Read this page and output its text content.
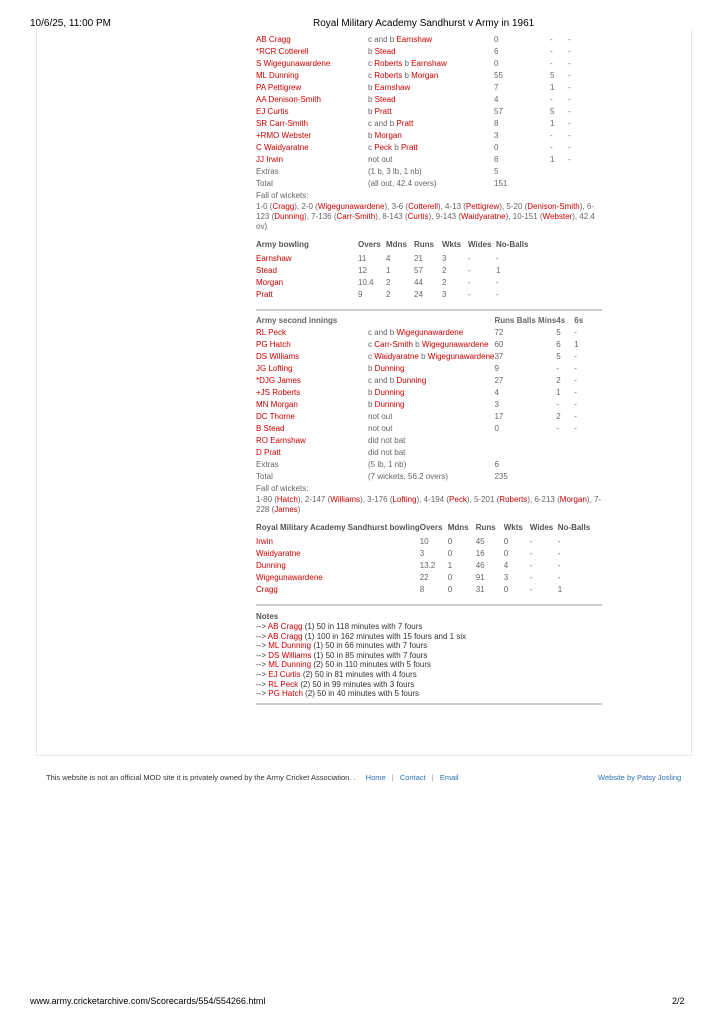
10/6/25, 11:00 PM	Royal Military Academy Sandhurst v Army in 1961
AB Cragg	c and b Earnshaw	0		-	-
*RCR Cotterell	b Stead	6		-	-
S Wigegunawardene	c Roberts b Earnshaw	0		-	-
ML Dunning	c Roberts b Morgan	55		5	-
PA Pettigrew	b Earnshaw	7		1	-
AA Denison-Smith	b Stead	4		-	-
EJ Curtis	b Pratt	57		5	-
SR Carr-Smith	c and b Pratt	8		1	-
+RMO Webster	b Morgan	3		-	-
C Waidyaratne	c Peck b Pratt	0		-	-
JJ Irwin	not out	6		1	-
Extras	(1 b, 3 lb, 1 nb)	5			
Total	(all out, 42.4 overs)	151			
Fall of wickets:
1-0 (Cragg), 2-0 (Wigegunawardene), 3-6 (Cotterell), 4-13 (Pettigrew), 5-20 (Denison-Smith), 6-123 (Dunning), 7-136 (Carr-Smith), 8-143 (Curtis), 9-143 (Waidyaratne), 10-151 (Webster), 42.4 ov)
Army bowling	Overs	Mdns	Runs	Wkts	Wides	No-Balls
Earnshaw	11	4	21	3	-	-
Stead	12	1	57	2	-	1
Morgan	10.4	2	44	2	-	-
Pratt	9	2	24	3	-	-
Army second innings		Runs Balls Mins		4s	6s
RL Peck	c and b Wigegunawardene	72		5	-
PG Hatch	c Carr-Smith b Wigegunawardene	60		6	1
DS Williams	c Waidyaratne b Wigegunawardene	37		5	-
JG Lofting	b Dunning	9		-	-
*DJG James	c and b Dunning	27		2	-
+JS Roberts	b Dunning	4		1	-
MN Morgan	b Dunning	3		-	-
DC Thorne	not out	17		2	-
B Stead	not out	0		-	-
RO Earnshaw	did not bat				
D Pratt	did not bat				
Extras	(5 lb, 1 nb)	6			
Total	(7 wickets, 56.2 overs)	235			
Fall of wickets:
1-80 (Hatch), 2-147 (Williams), 3-176 (Lofting), 4-194 (Peck), 5-201 (Roberts), 6-213 (Morgan), 7-228 (James)
Royal Military Academy Sandhurst bowling	Overs	Mdns	Runs	Wkts	Wides	No-Balls
Irwin	10	0	45	0	-	-
Waidyaratne	3	0	16	0	-	-
Dunning	13.2	1	46	4	-	-
Wigegunawardene	22	0	91	3	-	-
Cragg	8	0	31	0	-	1
Notes
--> AB Cragg (1) 50 in 118 minutes with 7 fours
--> AB Cragg (1) 100 in 162 minutes with 15 fours and 1 six
--> ML Dunning (1) 50 in 66 minutes with 7 fours
--> DS Williams (1) 50 in 85 minutes with 7 fours
--> ML Dunning (2) 50 in 110 minutes with 5 fours
--> EJ Curtis (2) 50 in 81 minutes with 4 fours
--> RL Peck (2) 50 in 99 minutes with 3 fours
--> PG Hatch (2) 50 in 40 minutes with 5 fours
This website is not an official MOD site it is privately owned by the Army Cricket Association. . Home | Contact | Email	Website by Patsy Josling
www.army.cricketarchive.com/Scorecards/554/554266.html	2/2
